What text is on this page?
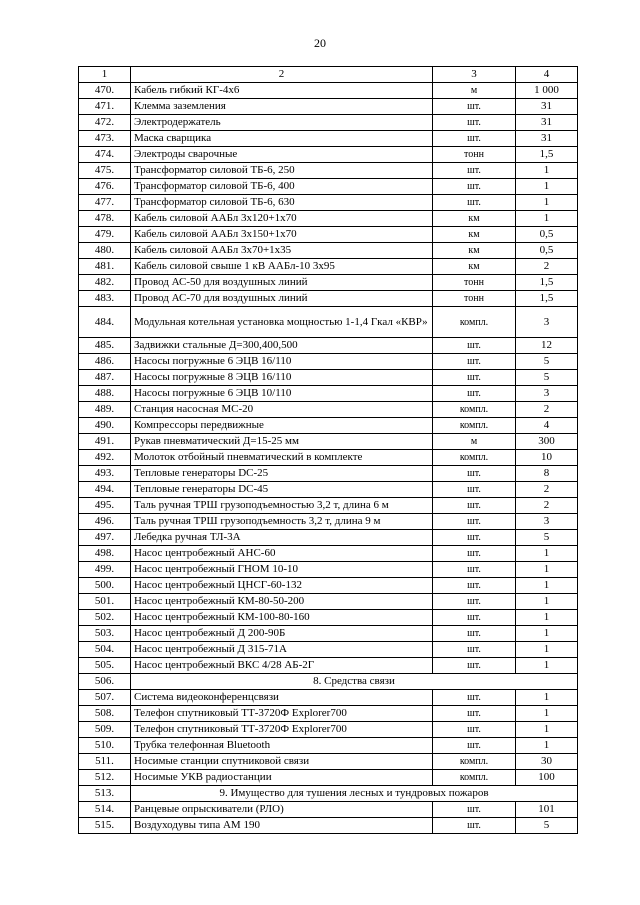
20
1	2	3	4
470.	Кабель гибкий КГ-4х6	м	1 000
471.	Клемма заземления	шт.	31
472.	Электродержатель	шт.	31
473.	Маска сварщика	шт.	31
474.	Электроды сварочные	тонн	1,5
475.	Трансформатор силовой ТБ-6, 250	шт.	1
476.	Трансформатор силовой ТБ-6, 400	шт.	1
477.	Трансформатор силовой ТБ-6, 630	шт.	1
478.	Кабель силовой ААБл 3х120+1х70	км	1
479.	Кабель силовой ААБл 3х150+1х70	км	0,5
480.	Кабель силовой ААБл 3х70+1х35	км	0,5
481.	Кабель силовой свыше 1 кВ ААБл-10 3х95	км	2
482.	Провод АС-50 для воздушных линий	тонн	1,5
483.	Провод АС-70 для воздушных линий	тонн	1,5
484.	Модульная котельная установка мощностью 1-1,4 Гкал «КВР»	компл.	3
485.	Задвижки стальные Д=300,400,500	шт.	12
486.	Насосы погружные 6 ЭЦВ 16/110	шт.	5
487.	Насосы погружные 8 ЭЦВ 16/110	шт.	5
488.	Насосы погружные 6 ЭЦВ 10/110	шт.	3
489.	Станция насосная МС-20	компл.	2
490.	Компрессоры передвижные	компл.	4
491.	Рукав пневматический Д=15-25 мм	м	300
492.	Молоток отбойный пневматический в комплекте	компл.	10
493.	Тепловые генераторы DC-25	шт.	8
494.	Тепловые генераторы DC-45	шт.	2
495.	Таль ручная ТРШ грузоподъемностью 3,2 т, длина 6 м	шт.	2
496.	Таль ручная ТРШ грузоподъемность 3,2 т, длина 9 м	шт.	3
497.	Лебедка ручная ТЛ-3А	шт.	5
498.	Насос центробежный АНС-60	шт.	1
499.	Насос центробежный ГНОМ 10-10	шт.	1
500.	Насос центробежный ЦНСГ-60-132	шт.	1
501.	Насос центробежный КМ-80-50-200	шт.	1
502.	Насос центробежный КМ-100-80-160	шт.	1
503.	Насос центробежный Д 200-90Б	шт.	1
504.	Насос центробежный Д 315-71А	шт.	1
505.	Насос центробежный ВКС 4/28 АБ-2Г	шт.	1
506.	8. Средства связи		
507.	Система видеоконференцсвязи	шт.	1
508.	Телефон спутниковый ТТ-3720Ф Explorer700	шт.	1
509.	Телефон спутниковый ТТ-3720Ф Explorer700	шт.	1
510.	Трубка телефонная Bluetooth	шт.	1
511.	Носимые станции спутниковой связи	компл.	30
512.	Носимые УКВ радиостанции	компл.	100
513.	9. Имущество для тушения лесных и тундровых пожаров		
514.	Ранцевые опрыскиватели (РЛО)	шт.	101
515.	Воздуходувы типа АМ 190	шт.	5
